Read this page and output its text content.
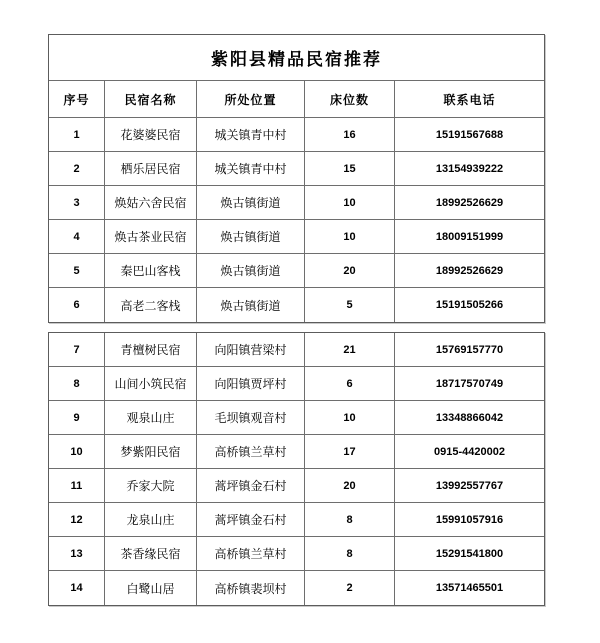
紫阳县精品民宿推荐
序号	民宿名称	所处位置	床位数	联系电话
1	花婆婆民宿	城关镇青中村	16	15191567688
2	栖乐居民宿	城关镇青中村	15	13154939222
3	焕姑六舍民宿	焕古镇街道	10	18992526629
4	焕古茶业民宿	焕古镇街道	10	18009151999
5	秦巴山客栈	焕古镇街道	20	18992526629
6	高老二客栈	焕古镇街道	5	15191505266
7	青檀树民宿	向阳镇营梁村	21	15769157770
8	山间小筑民宿	向阳镇贾坪村	6	18717570749
9	观泉山庄	毛坝镇观音村	10	13348866042
10	梦紫阳民宿	高桥镇兰草村	17	0915-4420002
11	乔家大院	蒿坪镇金石村	20	13992557767
12	龙泉山庄	蒿坪镇金石村	8	15991057916
13	茶香缘民宿	高桥镇兰草村	8	15291541800
14	白鹭山居	高桥镇裴坝村	2	13571465501
